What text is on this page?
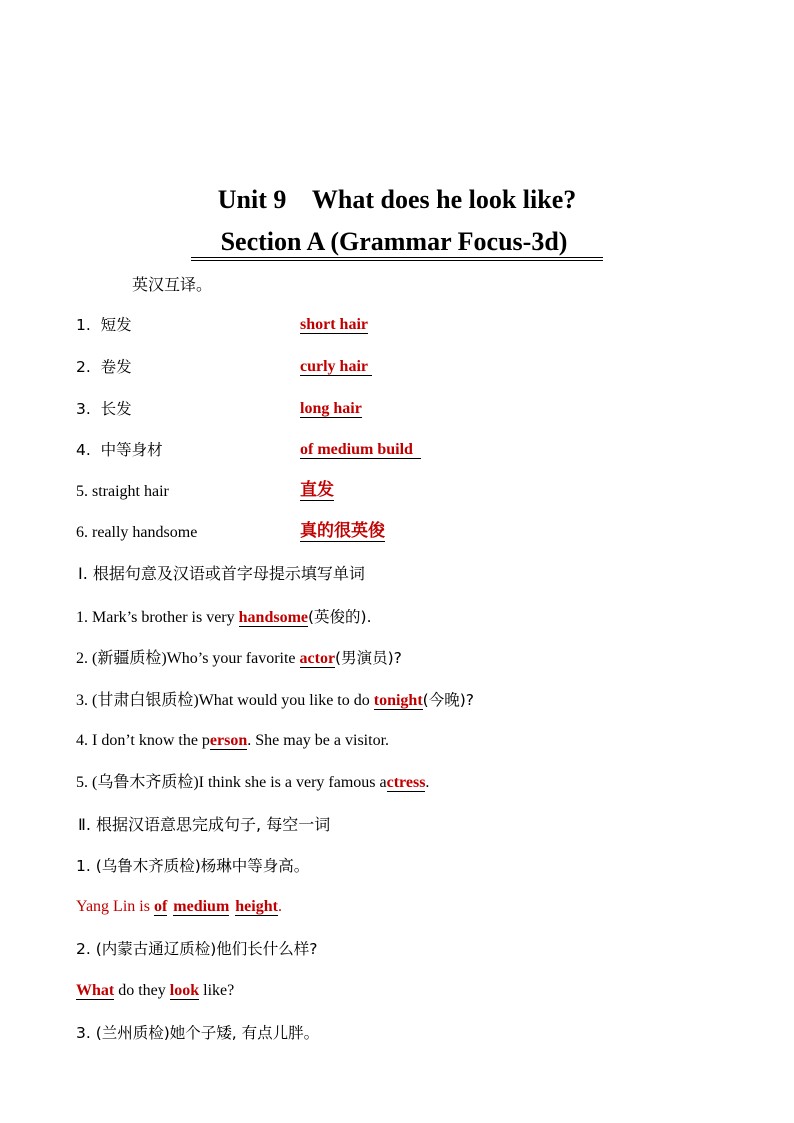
Unit 9    What does he look like?
Section A (Grammar Focus-3d)
英汉互译。
1.  短发	short hair
2.  卷发	curly hair
3.  长发	long hair
4.  中等身材	of medium build
5. straight hair	直发
6. really handsome	真的很英俊
Ⅰ. 根据句意及汉语或首字母提示填写单词
1. Mark’s brother is very handsome(英俊的).
2. (新疆质检)Who’s your favorite actor(男演员)?
3. (甘肃白银质检)What would you like to do tonight(今晚)?
4. I don’t know the person. She may be a visitor.
5. (乌鲁木齐质检)I think she is a very famous actress.
Ⅱ. 根据汉语意思完成句子, 每空一词
1. (乌鲁木齐质检)杨琳中等身高。
Yang Lin is of medium height.
2. (内蒙古通辽质检)他们长什么样?
What do they look like?
3. (兰州质检)她个子矮, 有点儿胖。
